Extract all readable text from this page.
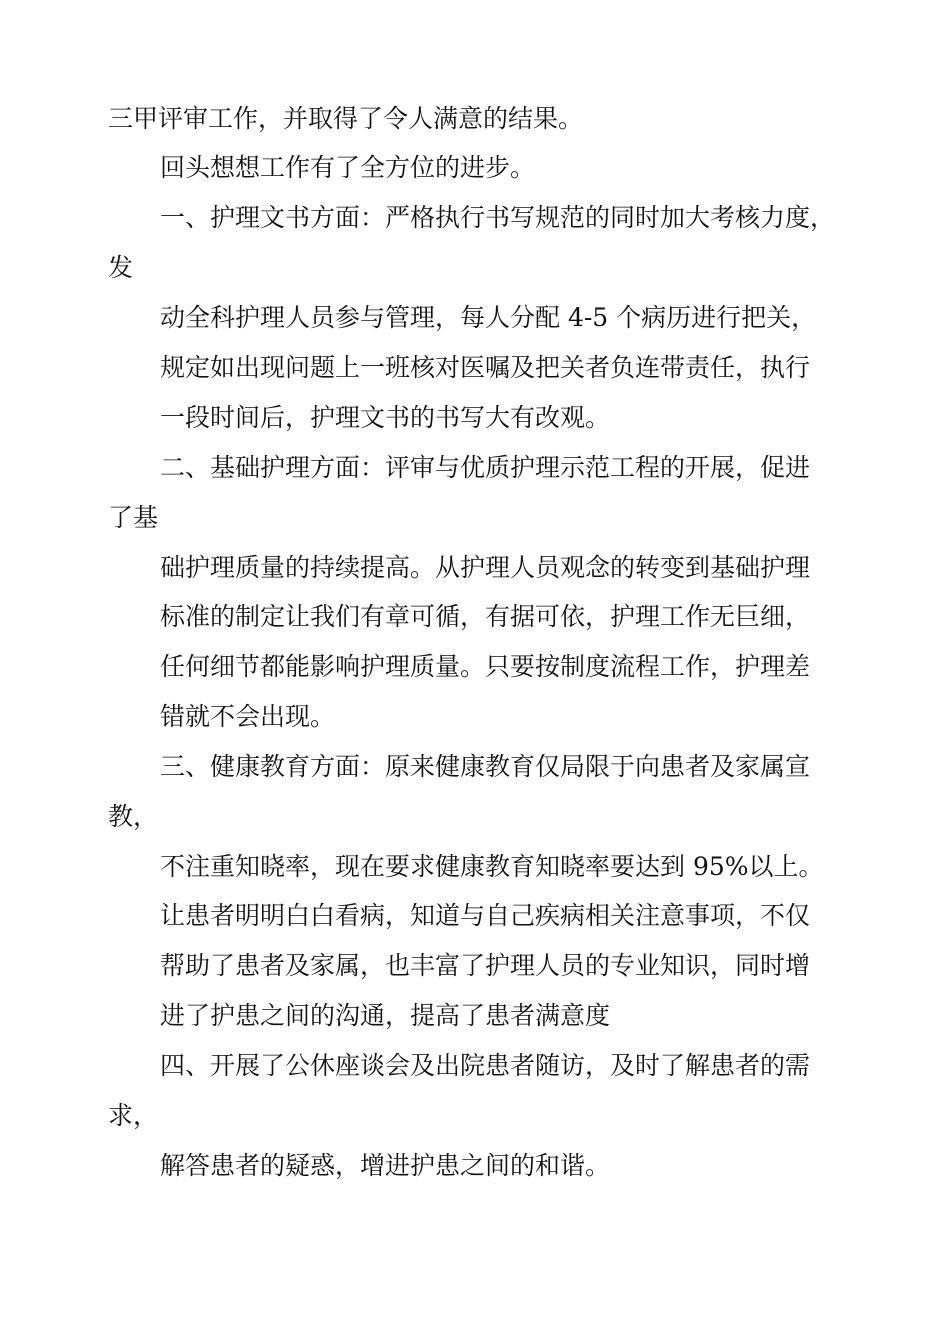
三甲评审工作，并取得了令人满意的结果。
回头想想工作有了全方位的进步。
一、护理文书方面：严格执行书写规范的同时加大考核力度，
发
动全科护理人员参与管理，每人分配 4-5 个病历进行把关，
规定如出现问题上一班核对医嘱及把关者负连带责任，执行
一段时间后，护理文书的书写大有改观。
二、基础护理方面：评审与优质护理示范工程的开展，促进
了基
础护理质量的持续提高。从护理人员观念的转变到基础护理
标准的制定让我们有章可循，有据可依，护理工作无巨细，
任何细节都能影响护理质量。只要按制度流程工作，护理差
错就不会出现。
三、健康教育方面：原来健康教育仅局限于向患者及家属宣
教，
不注重知晓率，现在要求健康教育知晓率要达到 95%以上。
让患者明明白白看病，知道与自己疾病相关注意事项，不仅
帮助了患者及家属，也丰富了护理人员的专业知识，同时增
进了护患之间的沟通，提高了患者满意度
四、开展了公休座谈会及出院患者随访，及时了解患者的需
求，
解答患者的疑惑，增进护患之间的和谐。
